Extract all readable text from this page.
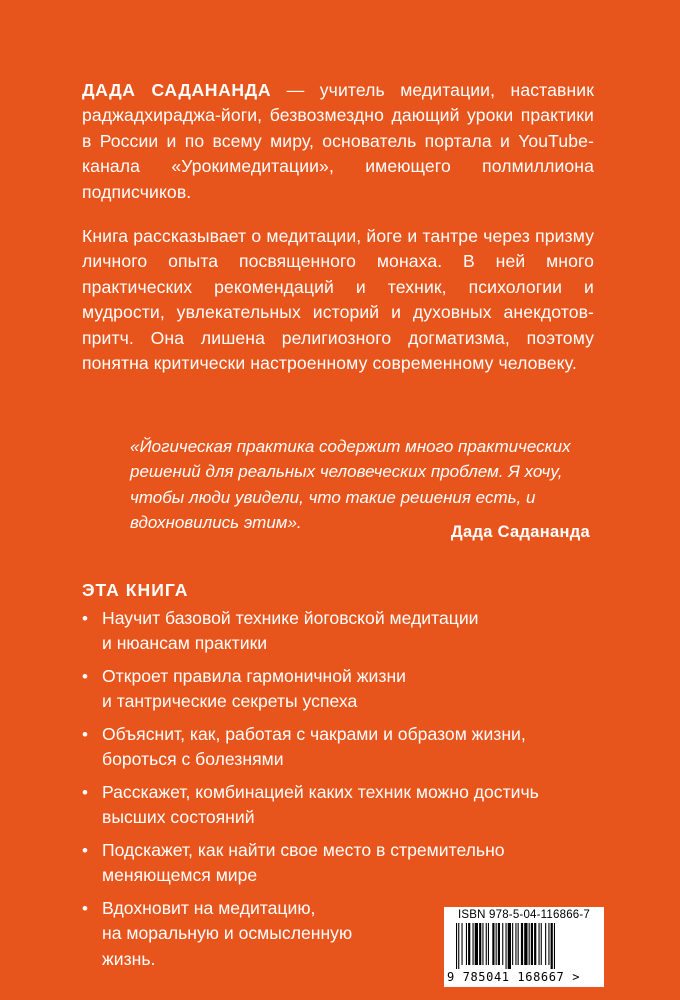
ДАДА САДАНАНДА — учитель медитации, наставник раджадхираджа-йоги, безвозмездно дающий уроки практики в России и по всему миру, основатель портала и YouTube-канала «Урокимедитации», имеющего полмиллиона подписчиков.

Книга рассказывает о медитации, йоге и тантре через призму личного опыта посвященного монаха. В ней много практических рекомендаций и техник, психологии и мудрости, увлекательных историй и духовных анекдотов-притч. Она лишена религиозного догматизма, поэтому понятна критически настроенному современному человеку.

«Йогическая практика содержит много практических решений для реальных человеческих проблем. Я хочу, чтобы люди увидели, что такие решения есть, и вдохновились этим».	Дада Садананда

ЭТА КНИГА
• Научит базовой технике йоговской медитации
и нюансам практики
• Откроет правила гармоничной жизни
и тантрические секреты успеха
• Объяснит, как, работая с чакрами и образом жизни,
бороться с болезнями
• Расскажет, комбинацией каких техник можно достичь
высших состояний
• Подскажет, как найти свое место в стремительно
меняющемся мире
• Вдохновит на медитацию,
на моральную и осмысленную
жизнь.
ISBN 978-5-04-116866-7
9 785041 168667 >
